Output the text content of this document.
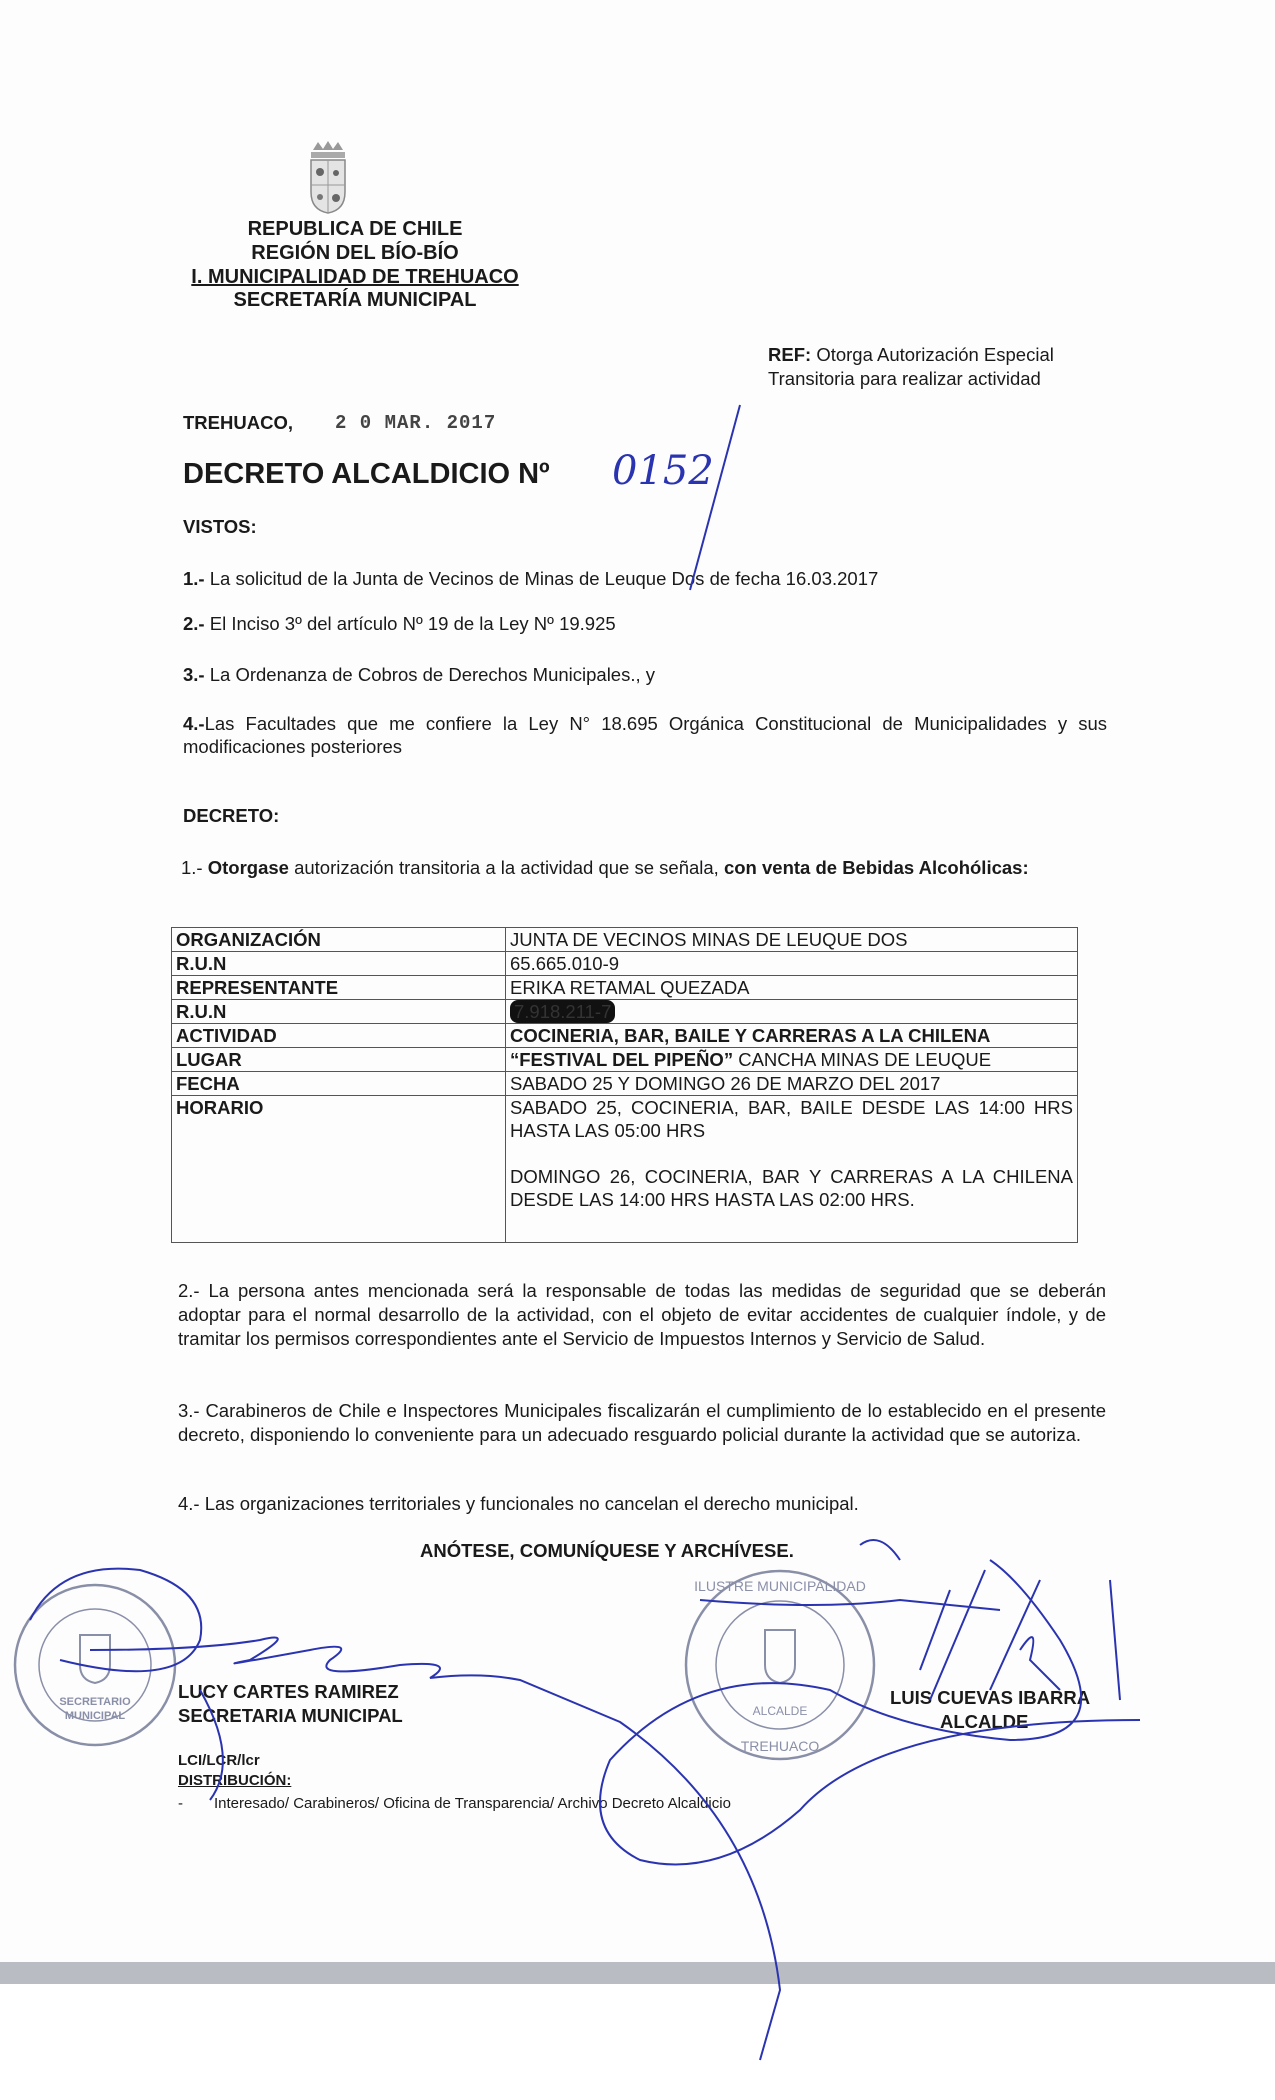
REPUBLICA DE CHILE
REGIÓN DEL BÍO-BÍO
I. MUNICIPALIDAD DE TREHUACO
SECRETARÍA MUNICIPAL
REF: Otorga Autorización Especial
Transitoria para realizar actividad
TREHUACO, 2 0 MAR. 2017
DECRETO ALCALDICIO Nº 0152
VISTOS:
1.- La solicitud de la Junta de Vecinos de Minas de Leuque Dos de fecha 16.03.2017
2.- El Inciso 3º del artículo Nº 19 de la Ley Nº 19.925
3.- La Ordenanza de Cobros de Derechos Municipales., y
4.-Las Facultades que me confiere la Ley N° 18.695 Orgánica Constitucional de Municipalidades y sus modificaciones posteriores
DECRETO:
1.- Otorgase autorización transitoria a la actividad que se señala, con venta de Bebidas Alcohólicas:
ORGANIZACIÓN	JUNTA DE VECINOS MINAS DE LEUQUE DOS
R.U.N	65.665.010-9
REPRESENTANTE	ERIKA RETAMAL QUEZADA
R.U.N	7.918.211-7
ACTIVIDAD	COCINERIA, BAR, BAILE Y CARRERAS A LA CHILENA
LUGAR	“FESTIVAL DEL PIPEÑO” CANCHA MINAS DE LEUQUE
FECHA	SABADO 25 Y DOMINGO 26 DE MARZO DEL 2017
HORARIO	SABADO 25, COCINERIA, BAR, BAILE DESDE LAS 14:00 HRS HASTA LAS 05:00 HRS
DOMINGO 26, COCINERIA, BAR Y CARRERAS A LA CHILENA DESDE LAS 14:00 HRS HASTA LAS 02:00 HRS.
2.- La persona antes mencionada será la responsable de todas las medidas de seguridad que se deberán adoptar para el normal desarrollo de la actividad, con el objeto de evitar accidentes de cualquier índole, y de tramitar los permisos correspondientes ante el Servicio de Impuestos Internos y Servicio de Salud.
3.- Carabineros de Chile e Inspectores Municipales fiscalizarán el cumplimiento de lo establecido en el presente decreto, disponiendo lo conveniente para un adecuado resguardo policial durante la actividad que se autoriza.
4.- Las organizaciones territoriales y funcionales no cancelan el derecho municipal.
ANÓTESE, COMUNÍQUESE Y ARCHÍVESE.
SECRETARIO
MUNICIPAL	ALCALDE
TREHUACO
ILUSTRE MUNICIPALIDAD
LUCY CARTES RAMIREZ
SECRETARIA MUNICIPAL
LUIS CUEVAS IBARRA
ALCALDE
LCI/LCR/lcr
DISTRIBUCIÓN:
- Interesado/ Carabineros/ Oficina de Transparencia/ Archivo Decreto Alcaldicio
